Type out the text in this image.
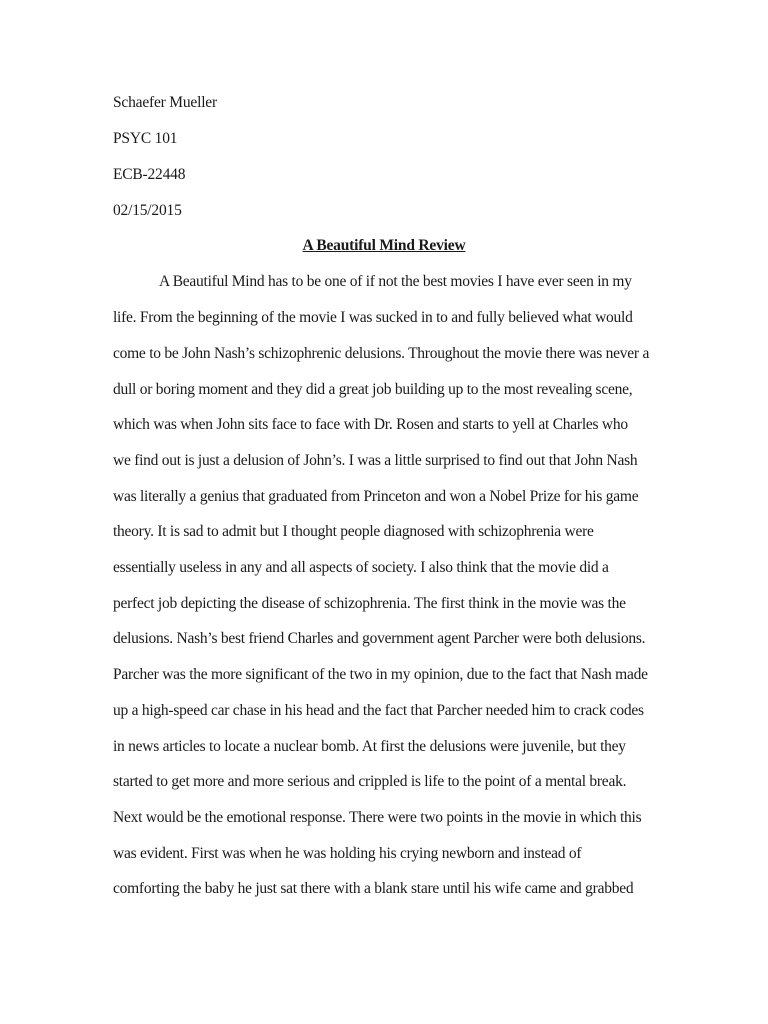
Schaefer Mueller
PSYC 101
ECB-22448
02/15/2015
A Beautiful Mind Review
A Beautiful Mind has to be one of if not the best movies I have ever seen in my
life. From the beginning of the movie I was sucked in to and fully believed what would
come to be John Nash’s schizophrenic delusions. Throughout the movie there was never a
dull or boring moment and they did a great job building up to the most revealing scene,
which was when John sits face to face with Dr. Rosen and starts to yell at Charles who
we find out is just a delusion of John’s. I was a little surprised to find out that John Nash
was literally a genius that graduated from Princeton and won a Nobel Prize for his game
theory. It is sad to admit but I thought people diagnosed with schizophrenia were
essentially useless in any and all aspects of society. I also think that the movie did a
perfect job depicting the disease of schizophrenia. The first think in the movie was the
delusions. Nash’s best friend Charles and government agent Parcher were both delusions.
Parcher was the more significant of the two in my opinion, due to the fact that Nash made
up a high-speed car chase in his head and the fact that Parcher needed him to crack codes
in news articles to locate a nuclear bomb. At first the delusions were juvenile, but they
started to get more and more serious and crippled is life to the point of a mental break.
Next would be the emotional response. There were two points in the movie in which this
was evident. First was when he was holding his crying newborn and instead of
comforting the baby he just sat there with a blank stare until his wife came and grabbed
